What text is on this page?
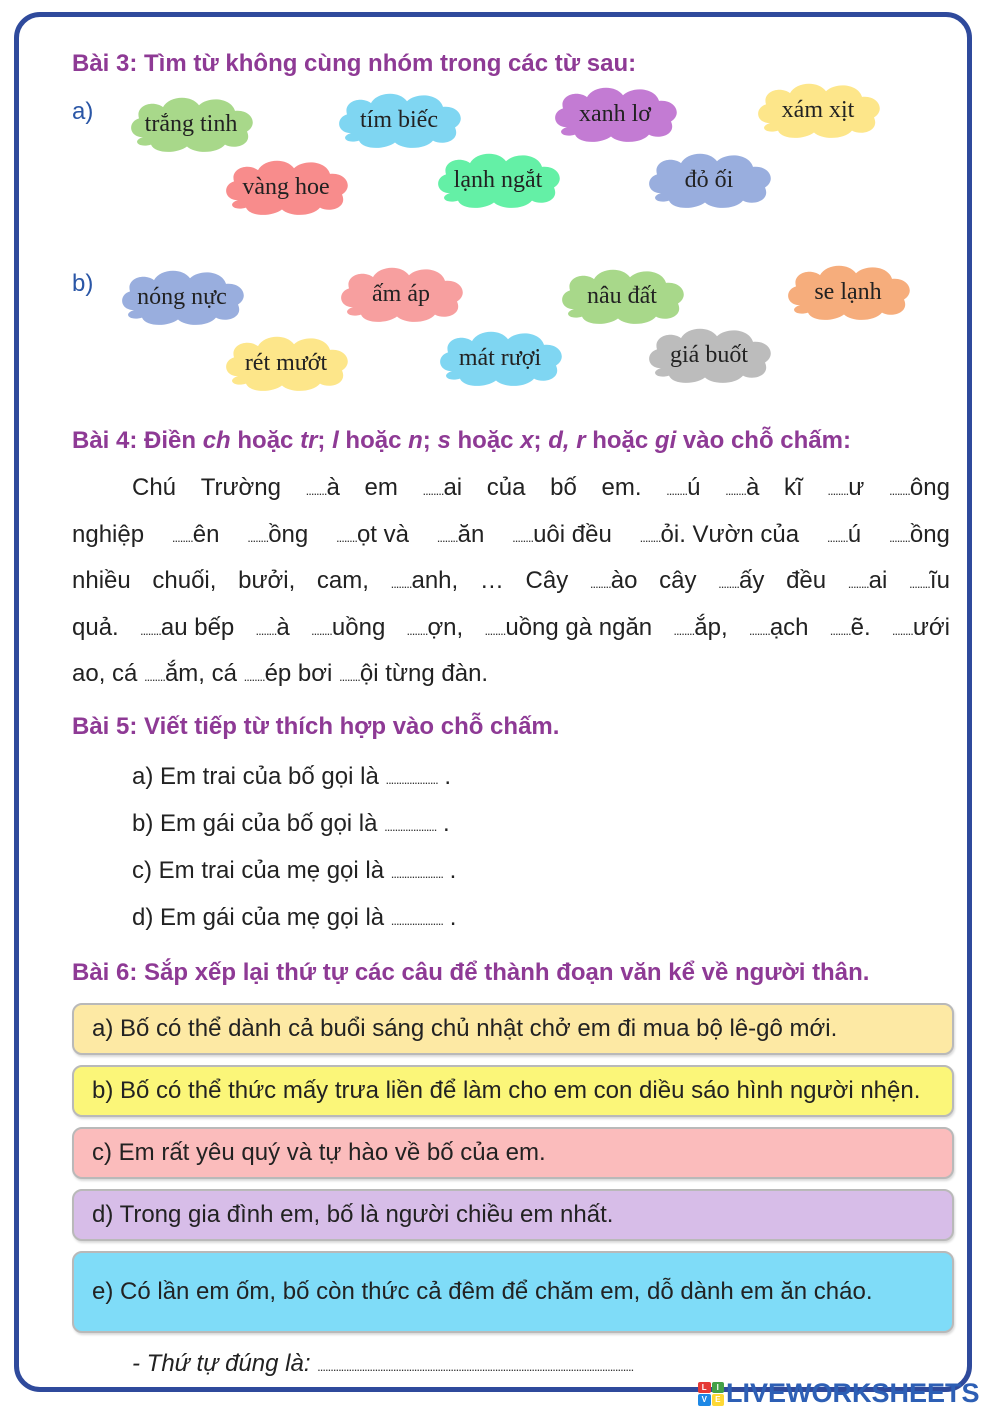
Bài 3: Tìm từ không cùng nhóm trong các từ sau:
a)
b)
trắng tinh	tím biếc	xanh lơ	xám xịt
vàng hoe	lạnh ngắt	đỏ ối
nóng nực	ấm áp	nâu đất	se lạnh
rét mướt	mát rượi	giá buốt
Bài 4: Điền ch hoặc tr; l hoặc n; s hoặc x; d, r hoặc gi vào chỗ chấm:
Chú Trường ........à em ........ai của bố em. ........ú ........à kĩ ........ư ........ông
nghiệp ........ên ........ồng ........ọt và ........ăn ........uôi đều ........ỏi. Vườn của ........ú ........ồng
nhiều chuối, bưởi, cam, ........anh, … Cây ........ào cây ........ấy đều ........ai ........ĩu
quả. ........au bếp ........à ........uồng ........ợn, ........uồng gà ngăn ........ắp, ........ạch ........ẽ. ........ưới
ao, cá ........ắm, cá ........ép bơi ........ội từng đàn.
Bài 5: Viết tiếp từ thích hợp vào chỗ chấm.
a) Em trai của bố gọi là .................... .
b) Em gái của bố gọi là .................... .
c) Em trai của mẹ gọi là .................... .
d) Em gái của mẹ gọi là .................... .
Bài 6: Sắp xếp lại thứ tự các câu để thành đoạn văn kể về người thân.
a) Bố có thể dành cả buổi sáng chủ nhật chở em đi mua bộ lê-gô mới.
b) Bố có thể thức mấy trưa liền để làm cho em con diều sáo hình người nhện.
c) Em rất yêu quý và tự hào về bố của em.
d) Trong gia đình em, bố là người chiều em nhất.
e) Có lần em ốm, bố còn thức cả đêm để chăm em, dỗ dành em ăn cháo.
- Thứ tự đúng là: .........................................................................................................................
L	I
V	E LIVEWORKSHEETS
